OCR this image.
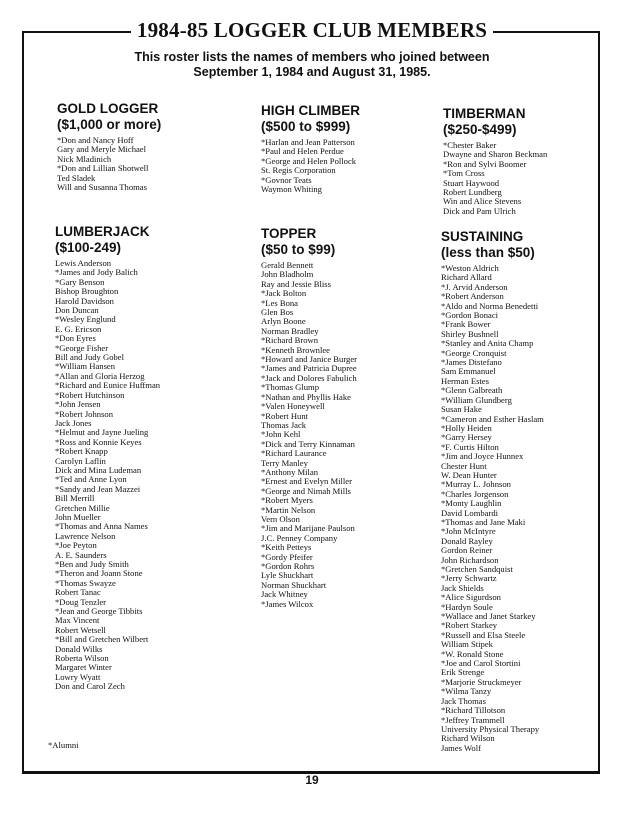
1984-85 LOGGER CLUB MEMBERS
This roster lists the names of members who joined between
September 1, 1984 and August 31, 1985.
GOLD LOGGER
($1,000 or more)
*Don and Nancy Hoff
Gary and Meryle Michael
Nick Mladinich
*Don and Lillian Shotwell
Ted Sladek
Will and Susanna Thomas
HIGH CLIMBER
($500 to $999)
*Harlan and Jean Patterson
*Paul and Helen Perdue
*George and Helen Pollock
St. Regis Corporation
*Govnor Teats
Waymon Whiting
TIMBERMAN
($250-$499)
*Chester Baker
Dwayne and Sharon Beckman
*Ron and Sylvi Boomer
*Tom Cross
Stuart Haywood
Robert Lundberg
Win and Alice Stevens
Dick and Pam Ulrich
LUMBERJACK
($100-249)
Lewis Anderson
*James and Jody Balich
*Gary Benson
Bishop Broughton
Harold Davidson
Don Duncan
*Wesley Englund
E. G. Ericson
*Don Eyres
*George Fisher
Bill and Judy Gobel
*William Hansen
*Allan and Gloria Herzog
*Richard and Eunice Huffman
*Robert Hutchinson
*John Jensen
*Robert Johnson
Jack Jones
*Helmut and Jayne Jueling
*Ross and Konnie Keyes
*Robert Knapp
Carolyn Laflin
Dick and Mina Ludeman
*Ted and Anne Lyon
*Sandy and Jean Mazzei
Bill Merrill
Gretchen Millie
John Mueller
*Thomas and Anna Names
Lawrence Nelson
*Joe Peyton
A. E. Saunders
*Ben and Judy Smith
*Theron and Joann Stone
*Thomas Swayze
Robert Tanac
*Doug Tenzler
*Jean and George Tibbits
Max Vincent
Robert Wetsell
*Bill and Gretchen Wilbert
Donald Wilks
Roberta Wilson
Margaret Winter
Lowry Wyatt
Don and Carol Zech
TOPPER
($50 to $99)
Gerald Bennett
John Bladholm
Ray and Jessie Bliss
*Jack Bolton
*Les Bona
Glen Bos
Arlyn Boone
Norman Bradley
*Richard Brown
*Kenneth Brownlee
*Howard and Janice Burger
*James and Patricia Dupree
*Jack and Dolores Fabulich
*Thomas Glump
*Nathan and Phyllis Hake
*Valen Honeywell
*Robert Hunt
Thomas Jack
*John Kehl
*Dick and Terry Kinnaman
*Richard Laurance
Terry Manley
*Anthony Milan
*Ernest and Evelyn Miller
*George and Nimah Mills
*Robert Myers
*Martin Nelson
Vern Olson
*Jim and Marijane Paulson
J.C. Penney Company
*Keith Petteys
*Gordy Pfeifer
*Gordon Rohrs
Lyle Shuckhart
Norman Shuckhart
Jack Whitney
*James Wilcox
SUSTAINING
(less than $50)
*Weston Aldrich
Richard Allard
*J. Arvid Anderson
*Robert Anderson
*Aldo and Norma Benedetti
*Gordon Bonaci
*Frank Bower
Shirley Bushnell
*Stanley and Anita Champ
*George Cronquist
*James Distefano
Sam Emmanuel
Herman Estes
*Glenn Galbreath
*William Glundberg
Susan Hake
*Cameron and Esther Haslam
*Holly Heiden
*Garry Hersey
*F. Curtis Hilton
*Jim and Joyce Hunnex
Chester Hunt
W. Dean Hunter
*Murray L. Johnson
*Charles Jorgenson
*Monty Laughlin
David Lombardi
*Thomas and Jane Maki
*John McIntyre
Donald Rayley
Gordon Reiner
John Richardson
*Gretchen Sandquist
*Jerry Schwartz
Jack Shields
*Alice Sigurdson
*Hardyn Soule
*Wallace and Janet Starkey
*Robert Starkey
*Russell and Elsa Steele
William Stipek
*W. Ronald Stone
*Joe and Carol Stortini
Erik Strenge
*Marjorie Struckmeyer
*Wilma Tanzy
Jack Thomas
*Richard Tillotson
*Jeffrey Trammell
University Physical Therapy
Richard Wilson
James Wolf
*Alumni
19
